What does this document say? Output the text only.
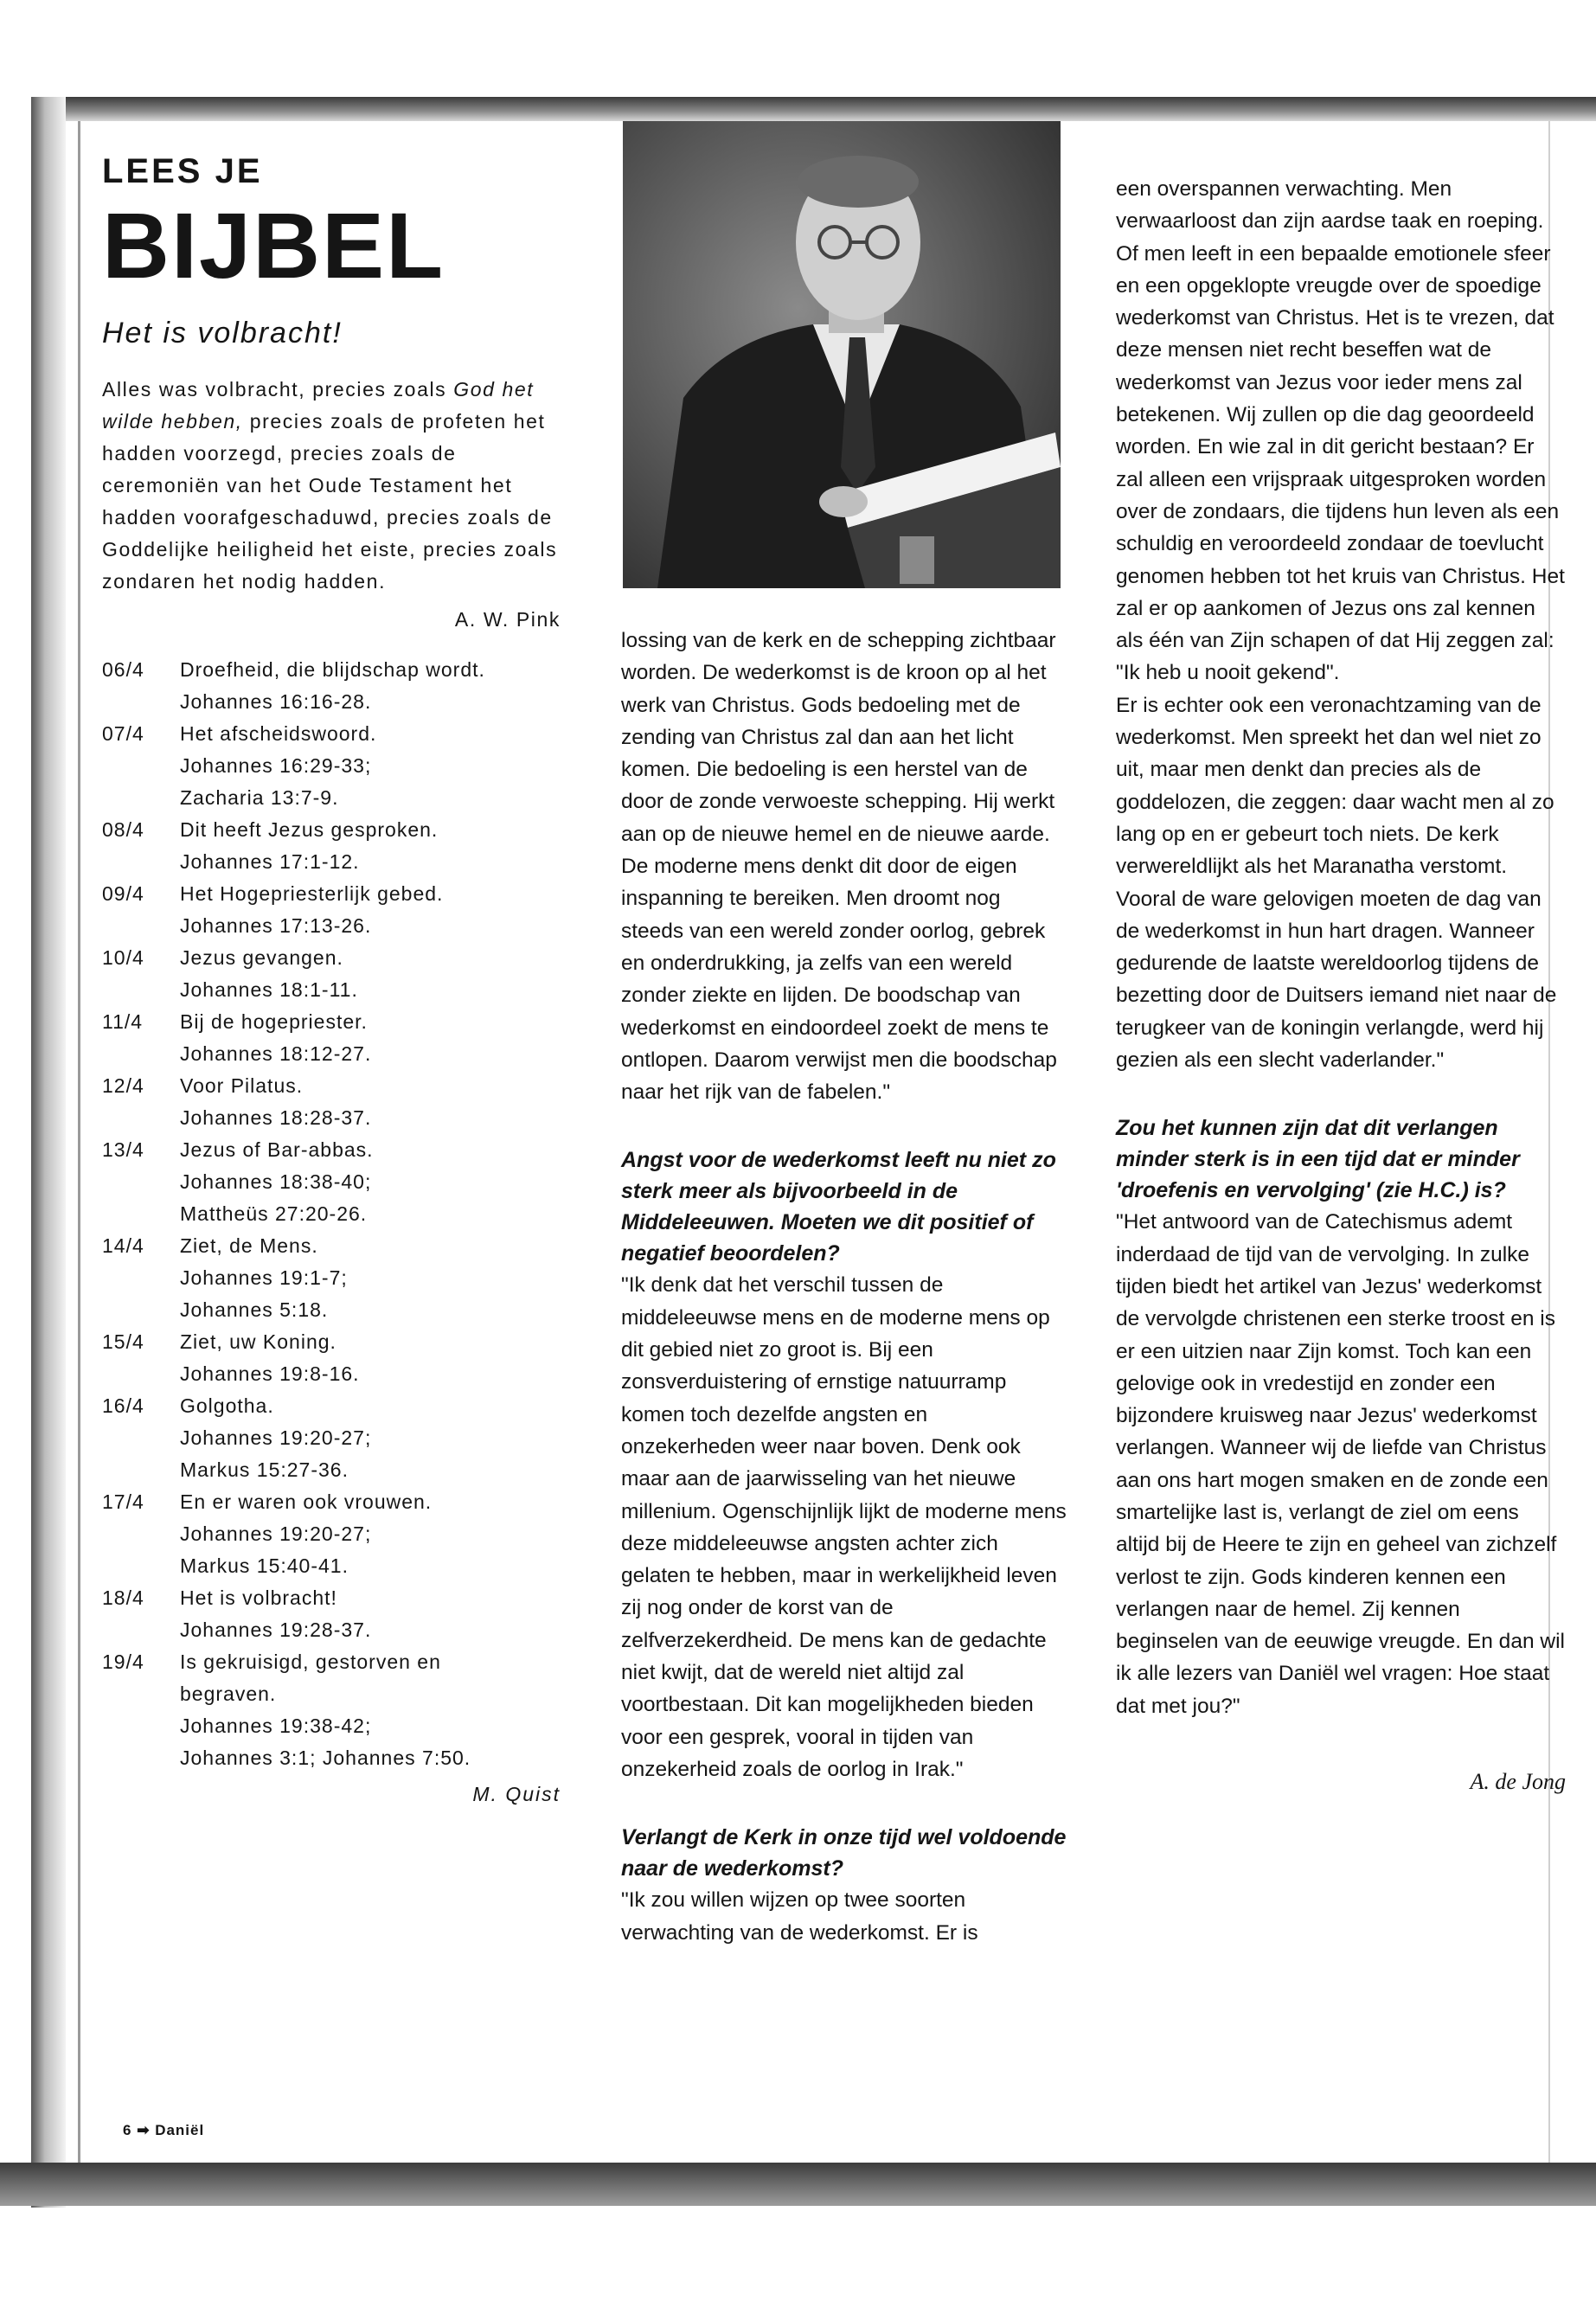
LEES JE

BIJBEL

Het is volbracht!

Alles was volbracht, precies zoals God het wilde hebben, precies zoals de profeten het hadden voorzegd, precies zoals de ceremoniën van het Oude Testament het hadden voorafgeschaduwd, precies zoals de Goddelijke heiligheid het eiste, precies zoals zondaren het nodig hadden.

A. W. Pink
06/4	Droefheid, die blijdschap wordt.
Johannes 16:16-28.
07/4	Het afscheidswoord.
Johannes 16:29-33;
Zacharia 13:7-9.
08/4	Dit heeft Jezus gesproken.
Johannes 17:1-12.
09/4	Het Hogepriesterlijk gebed.
Johannes 17:13-26.
10/4	Jezus gevangen.
Johannes 18:1-11.
11/4	Bij de hogepriester.
Johannes 18:12-27.
12/4	Voor Pilatus.
Johannes 18:28-37.
13/4	Jezus of Bar-abbas.
Johannes 18:38-40;
Mattheüs 27:20-26.
14/4	Ziet, de Mens.
Johannes 19:1-7;
Johannes 5:18.
15/4	Ziet, uw Koning.
Johannes 19:8-16.
16/4	Golgotha.
Johannes 19:20-27;
Markus 15:27-36.
17/4	En er waren ook vrouwen.
Johannes 19:20-27;
Markus 15:40-41.
18/4	Het is volbracht!
Johannes 19:28-37.
19/4	Is gekruisigd, gestorven en
begraven.
Johannes 19:38-42;
Johannes 3:1; Johannes 7:50.
M. Quist
6 ➡ Daniël

lossing van de kerk en de schepping zichtbaar worden. De wederkomst is de kroon op al het werk van Christus. Gods bedoeling met de zending van Christus zal dan aan het licht komen. Die bedoeling is een herstel van de door de zonde verwoeste schepping. Hij werkt aan op de nieuwe hemel en de nieuwe aarde. De moderne mens denkt dit door de eigen inspanning te bereiken. Men droomt nog steeds van een wereld zonder oorlog, gebrek en onderdrukking, ja zelfs van een wereld zonder ziekte en lijden. De boodschap van wederkomst en eindoordeel zoekt de mens te ontlopen. Daarom verwijst men die boodschap naar het rijk van de fabelen."

Angst voor de wederkomst leeft nu niet zo sterk meer als bijvoorbeeld in de Middeleeuwen. Moeten we dit positief of negatief beoordelen?

"Ik denk dat het verschil tussen de middeleeuwse mens en de moderne mens op dit gebied niet zo groot is. Bij een zonsverduistering of ernstige natuurramp komen toch dezelfde angsten en onzekerheden weer naar boven. Denk ook maar aan de jaarwisseling van het nieuwe millenium. Ogenschijnlijk lijkt de moderne mens deze middeleeuwse angsten achter zich gelaten te hebben, maar in werkelijkheid leven zij nog onder de korst van de zelfverzekerdheid. De mens kan de gedachte niet kwijt, dat de wereld niet altijd zal voortbestaan. Dit kan mogelijkheden bieden voor een gesprek, vooral in tijden van onzekerheid zoals de oorlog in Irak."

Verlangt de Kerk in onze tijd wel voldoende naar de wederkomst?

"Ik zou willen wijzen op twee soorten verwachting van de wederkomst. Er is

een overspannen verwachting. Men verwaarloost dan zijn aardse taak en roeping. Of men leeft in een bepaalde emotionele sfeer en een opgeklopte vreugde over de spoedige wederkomst van Christus. Het is te vrezen, dat deze mensen niet recht beseffen wat de wederkomst van Jezus voor ieder mens zal betekenen. Wij zullen op die dag geoordeeld worden. En wie zal in dit gericht bestaan? Er zal alleen een vrijspraak uitgesproken worden over de zondaars, die tijdens hun leven als een schuldig en veroordeeld zondaar de toevlucht genomen hebben tot het kruis van Christus. Het zal er op aankomen of Jezus ons zal kennen als één van Zijn schapen of dat Hij zeggen zal: "Ik heb u nooit gekend".

Er is echter ook een veronachtzaming van de wederkomst. Men spreekt het dan wel niet zo uit, maar men denkt dan precies als de goddelozen, die zeggen: daar wacht men al zo lang op en er gebeurt toch niets. De kerk verwereldlijkt als het Maranatha verstomt. Vooral de ware gelovigen moeten de dag van de wederkomst in hun hart dragen. Wanneer gedurende de laatste wereldoorlog tijdens de bezetting door de Duitsers iemand niet naar de terugkeer van de koningin verlangde, werd hij gezien als een slecht vaderlander."

Zou het kunnen zijn dat dit verlangen minder sterk is in een tijd dat er minder 'droefenis en vervolging' (zie H.C.) is?

"Het antwoord van de Catechismus ademt inderdaad de tijd van de vervolging. In zulke tijden biedt het artikel van Jezus' wederkomst de vervolgde christenen een sterke troost en is er een uitzien naar Zijn komst. Toch kan een gelovige ook in vredestijd en zonder een bijzondere kruisweg naar Jezus' wederkomst verlangen. Wanneer wij de liefde van Christus aan ons hart mogen smaken en de zonde een smartelijke last is, verlangt de ziel om eens altijd bij de Heere te zijn en geheel van zichzelf verlost te zijn. Gods kinderen kennen een verlangen naar de hemel. Zij kennen beginselen van de eeuwige vreugde. En dan wil ik alle lezers van Daniël wel vragen: Hoe staat dat met jou?"

A. de Jong
